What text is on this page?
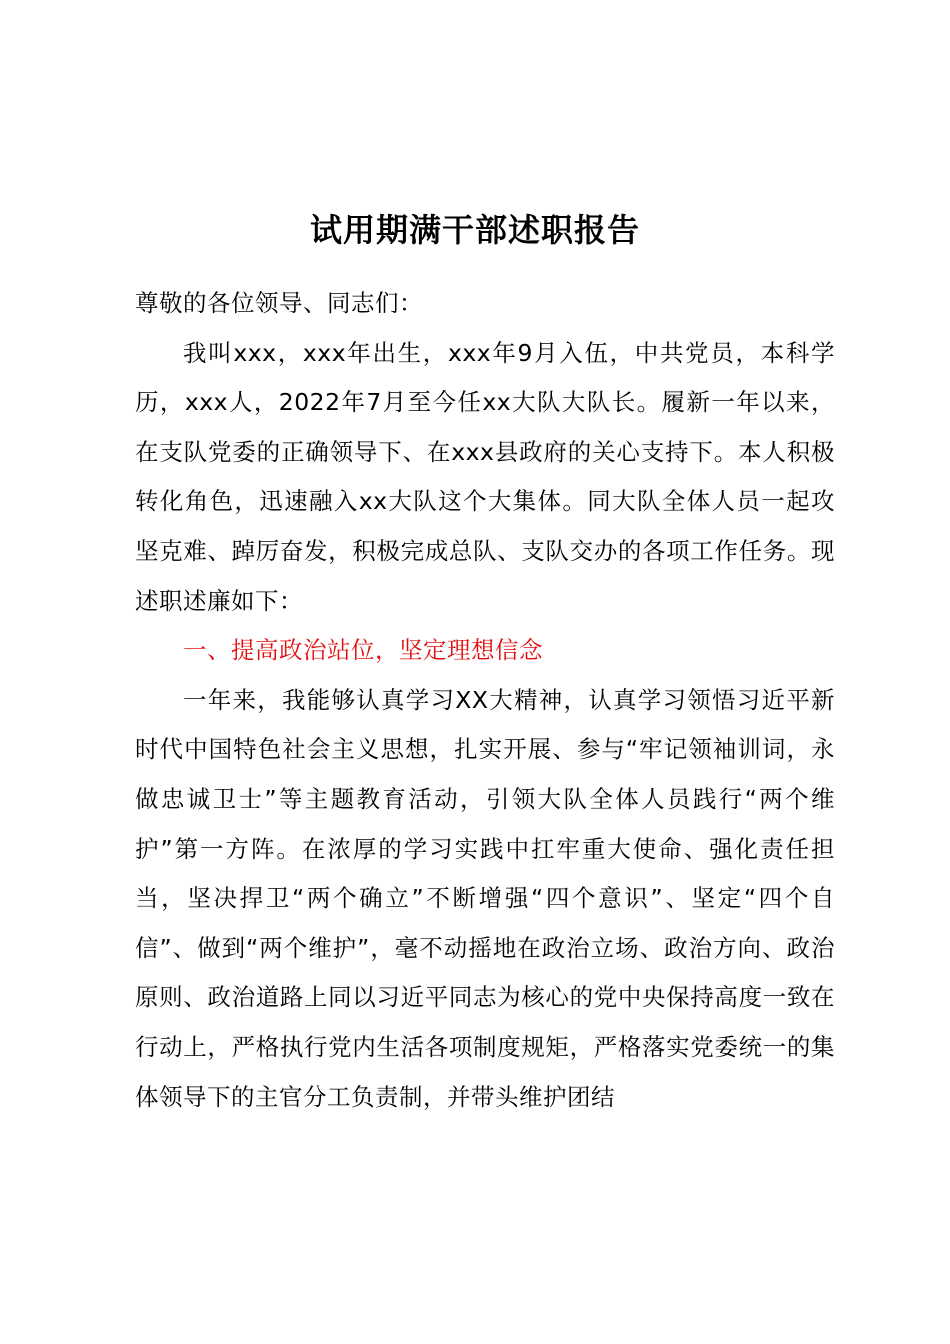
试用期满干部述职报告

尊敬的各位领导、同志们：

我叫xxx，xxx年出生，xxx年9月入伍，中共党员，本科学历，xxx人，2022年7月至今任xx大队大队长。履新一年以来，在支队党委的正确领导下、在xxx县政府的关心支持下。本人积极转化角色，迅速融入xx大队这个大集体。同大队全体人员一起攻坚克难、踔厉奋发，积极完成总队、支队交办的各项工作任务。现述职述廉如下：

一、提高政治站位，坚定理想信念

一年来，我能够认真学习XX大精神，认真学习领悟习近平新时代中国特色社会主义思想，扎实开展、参与“牢记领袖训词，永做忠诚卫士”等主题教育活动，引领大队全体人员践行“两个维护”第一方阵。在浓厚的学习实践中扛牢重大使命、强化责任担当，坚决捍卫“两个确立”不断增强“四个意识”、坚定“四个自信”、做到“两个维护”，毫不动摇地在政治立场、政治方向、政治原则、政治道路上同以习近平同志为核心的党中央保持高度一致在行动上，严格执行党内生活各项制度规矩，严格落实党委统一的集体领导下的主官分工负责制，并带头维护团结
